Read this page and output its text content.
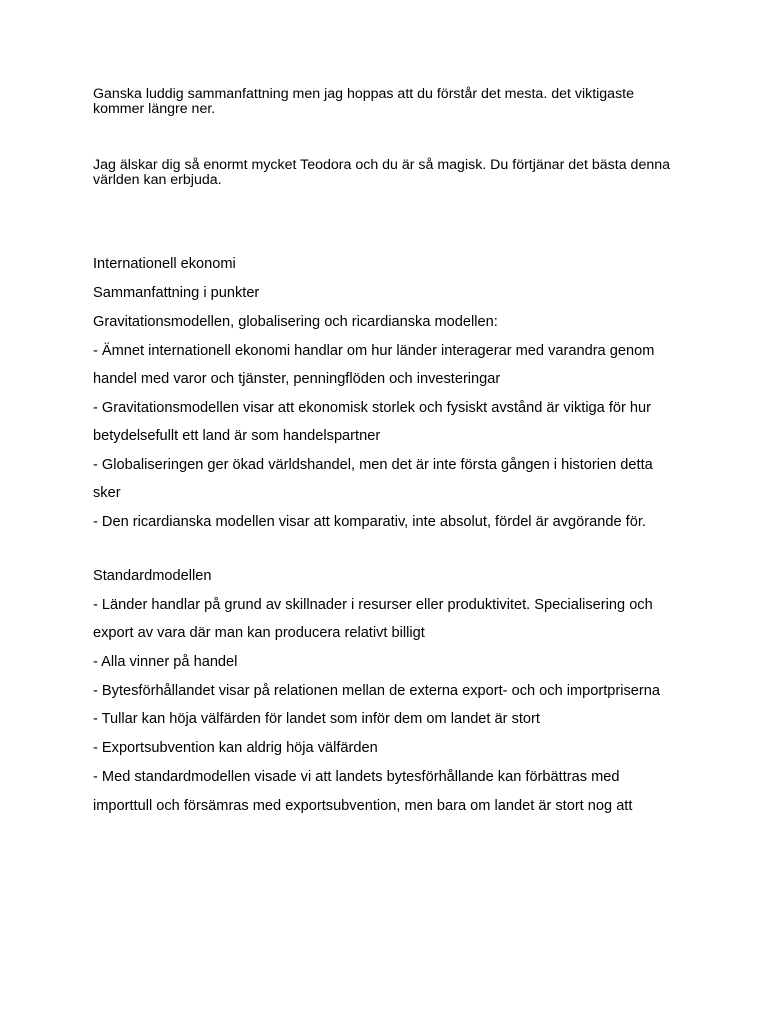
Ganska luddig sammanfattning men jag hoppas att du förstår det mesta. det viktigaste kommer längre ner.

Jag älskar dig så enormt mycket Teodora och du är så magisk. Du förtjänar det bästa denna världen kan erbjuda.

Internationell ekonomi

Sammanfattning i punkter

Gravitationsmodellen, globalisering och ricardianska modellen:

- Ämnet internationell ekonomi handlar om hur länder interagerar med varandra genom

handel med varor och tjänster, penningflöden och investeringar

- Gravitationsmodellen visar att ekonomisk storlek och fysiskt avstånd är viktiga för hur

betydelsefullt ett land är som handelspartner

- Globaliseringen ger ökad världshandel, men det är inte första gången i historien detta

sker

- Den ricardianska modellen visar att komparativ, inte absolut, fördel är avgörande för.

Standardmodellen

- Länder handlar på grund av skillnader i resurser eller produktivitet. Specialisering och

export av vara där man kan producera relativt billigt

- Alla vinner på handel

- Bytesförhållandet visar på relationen mellan de externa export- och och importpriserna

- Tullar kan höja välfärden för landet som inför dem om landet är stort

- Exportsubvention kan aldrig höja välfärden

- Med standardmodellen visade vi att landets bytesförhållande kan förbättras med

importtull och försämras med exportsubvention, men bara om landet är stort nog att
